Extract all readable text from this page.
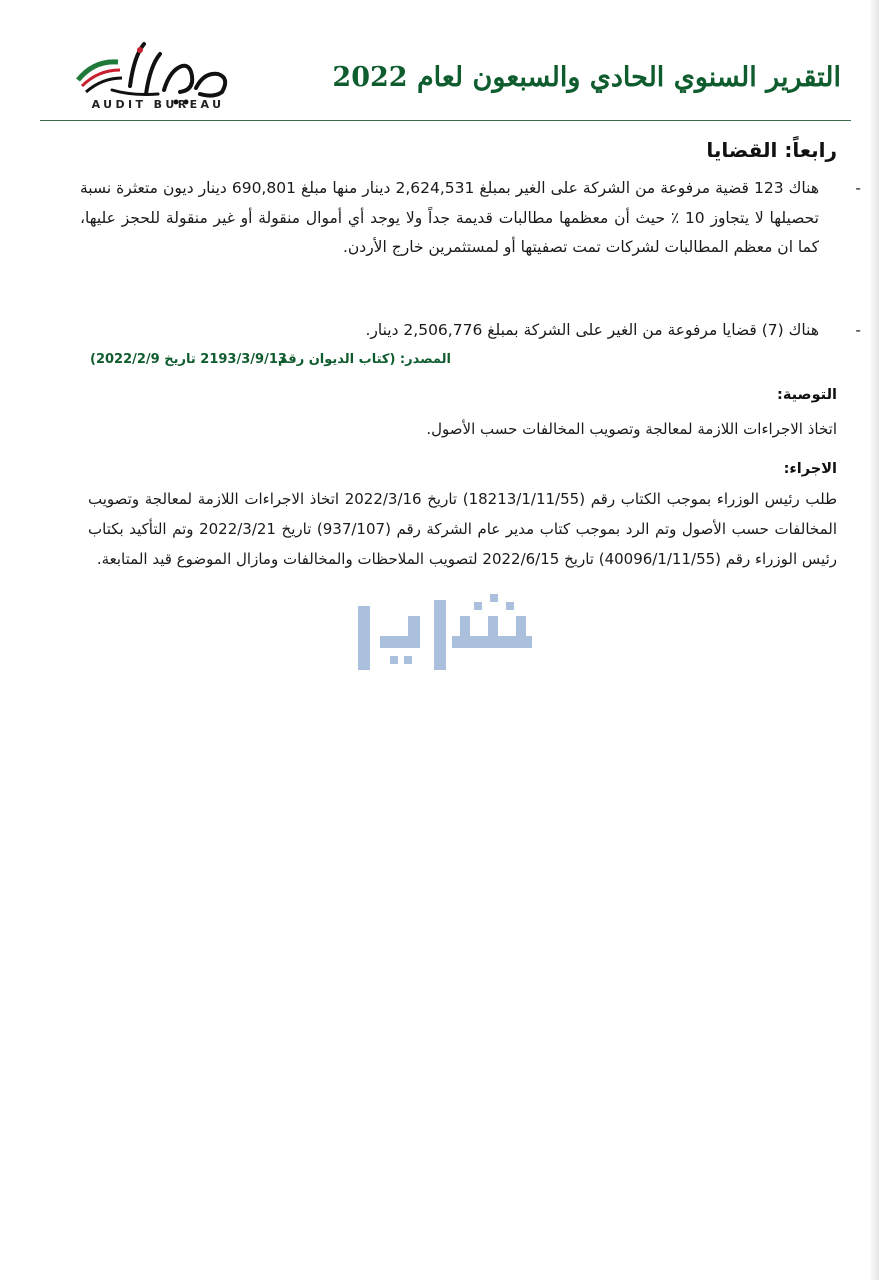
التقرير السنوي الحادي والسبعون لعام 2022
AUDIT BUREAU
رابعاً: القضايا
-
هناك 123 قضية مرفوعة من الشركة على الغير بمبلغ 2,624,531 دينار منها مبلغ 690,801 دينار ديون متعثرة نسبة تحصيلها لا يتجاوز 10 ٪ حيث أن معظمها مطالبات قديمة جداً ولا يوجد أي أموال منقولة أو غير منقولة للحجز عليها، كما ان معظم المطالبات لشركات تمت تصفيتها أو لمستثمرين خارج الأردن.
-
هناك (7) قضايا مرفوعة من الغير على الشركة بمبلغ 2,506,776 دينار.
المصدر: (كتاب الديوان رقم
2193/3/9/13 تاريخ 2022/2/9)
التوصية:
اتخاذ الاجراءات اللازمة لمعالجة وتصويب المخالفات حسب الأصول.
الاجراء:
طلب رئيس الوزراء بموجب الكتاب رقم (18213/1/11/55) تاريخ 2022/3/16 اتخاذ الاجراءات اللازمة لمعالجة وتصويب المخالفات حسب الأصول وتم الرد بموجب كتاب مدير عام الشركة رقم (937/107) تاريخ 2022/3/21 وتم التأكيد بكتاب رئيس الوزراء رقم (40096/1/11/55) تاريخ 2022/6/15 لتصويب الملاحظات والمخالفات ومازال الموضوع قيد المتابعة.
